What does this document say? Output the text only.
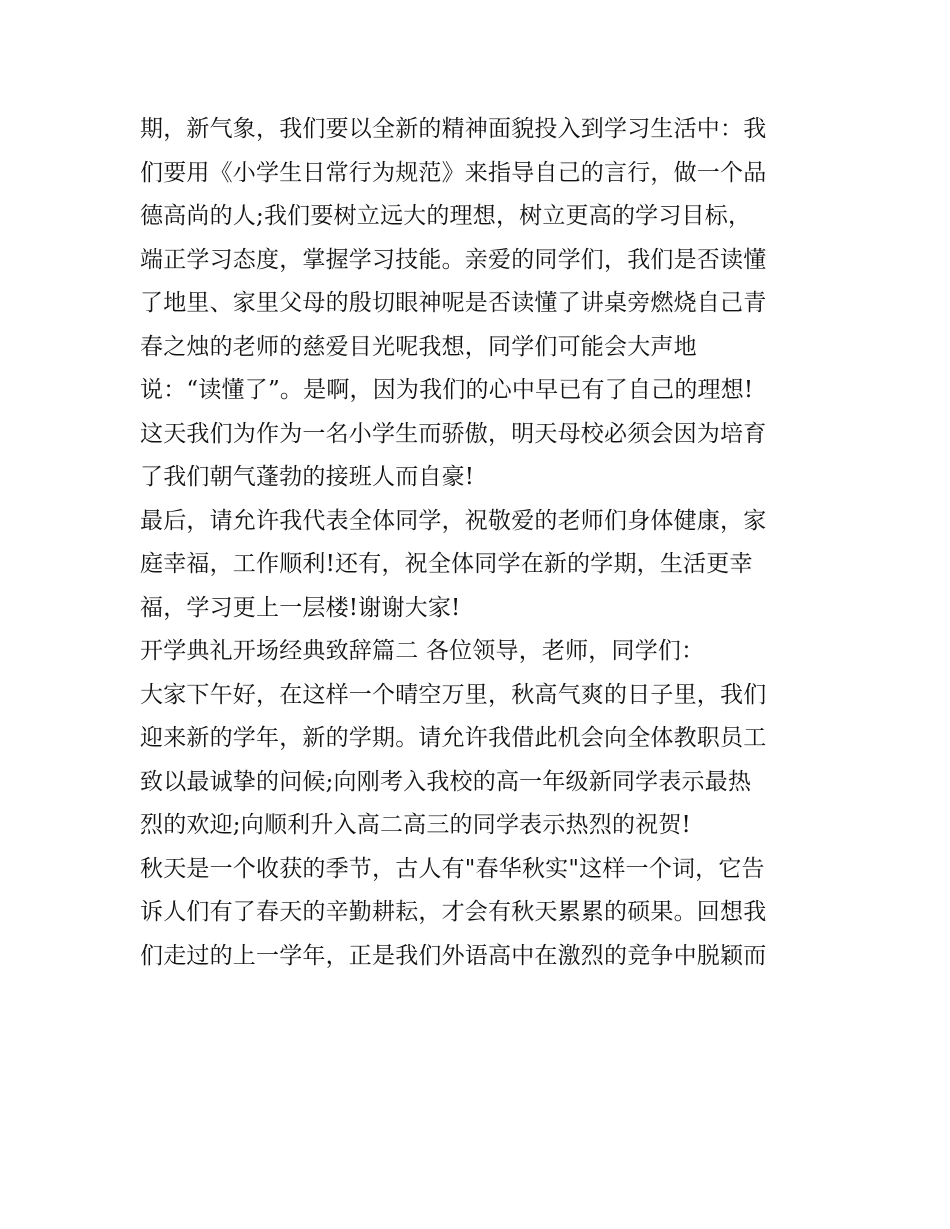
期，新气象，我们要以全新的精神面貌投入到学习生活中：我
们要用《小学生日常行为规范》来指导自己的言行，做一个品
德高尚的人;我们要树立远大的理想，树立更高的学习目标，
端正学习态度，掌握学习技能。亲爱的同学们，我们是否读懂
了地里、家里父母的殷切眼神呢是否读懂了讲桌旁燃烧自己青
春之烛的老师的慈爱目光呢我想，同学们可能会大声地
说：“读懂了”。是啊，因为我们的心中早已有了自己的理想!
这天我们为作为一名小学生而骄傲，明天母校必须会因为培育
了我们朝气蓬勃的接班人而自豪!
最后，请允许我代表全体同学，祝敬爱的老师们身体健康，家
庭幸福，工作顺利!还有，祝全体同学在新的学期，生活更幸
福，学习更上一层楼!谢谢大家!
开学典礼开场经典致辞篇二 各位领导，老师，同学们：
大家下午好，在这样一个晴空万里，秋高气爽的日子里，我们
迎来新的学年，新的学期。请允许我借此机会向全体教职员工
致以最诚挚的问候;向刚考入我校的高一年级新同学表示最热
烈的欢迎;向顺利升入高二高三的同学表示热烈的祝贺!
秋天是一个收获的季节，古人有"春华秋实"这样一个词，它告
诉人们有了春天的辛勤耕耘，才会有秋天累累的硕果。回想我
们走过的上一学年，正是我们外语高中在激烈的竞争中脱颖而
